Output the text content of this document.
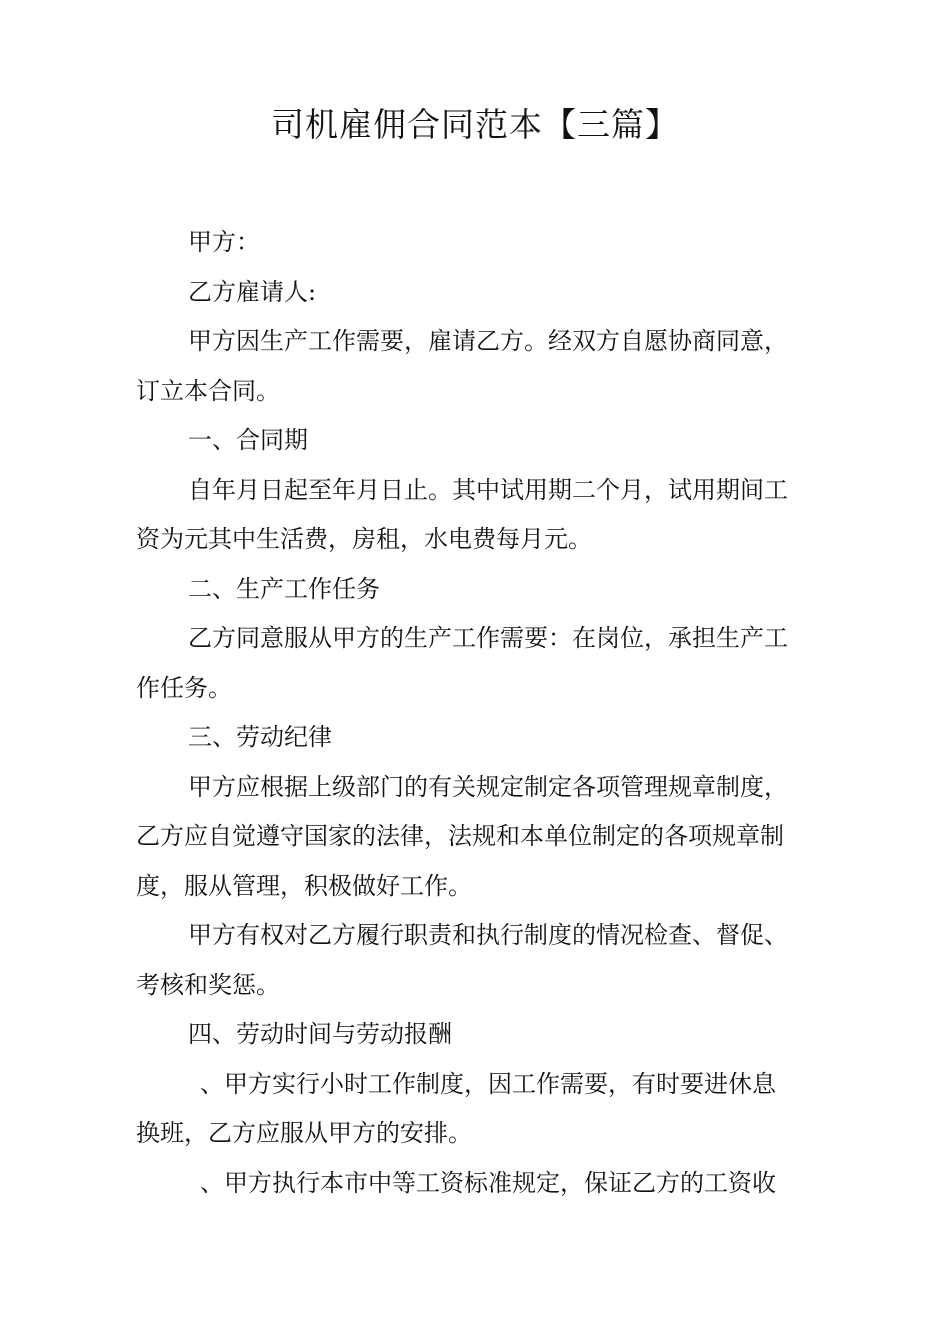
司机雇佣合同范本【三篇】

甲方：

乙方雇请人:

甲方因生产工作需要，雇请乙方。经双方自愿协商同意，

订立本合同。

一、合同期

自年月日起至年月日止。其中试用期二个月，试用期间工

资为元其中生活费，房租，水电费每月元。

二、生产工作任务

乙方同意服从甲方的生产工作需要：在岗位，承担生产工

作任务。

三、劳动纪律

甲方应根据上级部门的有关规定制定各项管理规章制度，

乙方应自觉遵守国家的法律，法规和本单位制定的各项规章制

度，服从管理，积极做好工作。

甲方有权对乙方履行职责和执行制度的情况检查、督促、

考核和奖惩。

四、劳动时间与劳动报酬

、甲方实行小时工作制度，因工作需要，有时要进休息

换班，乙方应服从甲方的安排。

、甲方执行本市中等工资标准规定，保证乙方的工资收
